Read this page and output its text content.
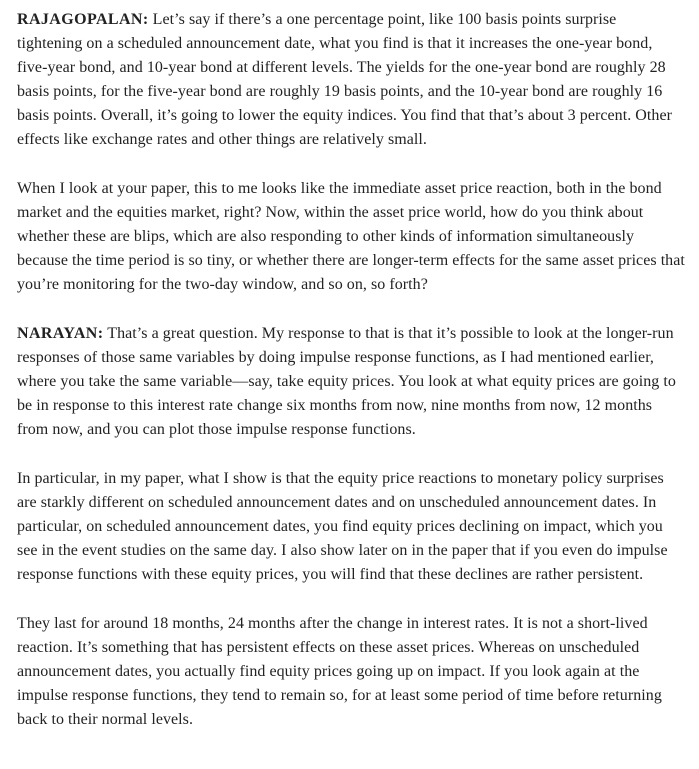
RAJAGOPALAN: Let’s say if there’s a one percentage point, like 100 basis points surprise tightening on a scheduled announcement date, what you find is that it increases the one-year bond, five-year bond, and 10-year bond at different levels. The yields for the one-year bond are roughly 28 basis points, for the five-year bond are roughly 19 basis points, and the 10-year bond are roughly 16 basis points. Overall, it’s going to lower the equity indices. You find that that’s about 3 percent. Other effects like exchange rates and other things are relatively small.

When I look at your paper, this to me looks like the immediate asset price reaction, both in the bond market and the equities market, right? Now, within the asset price world, how do you think about whether these are blips, which are also responding to other kinds of information simultaneously because the time period is so tiny, or whether there are longer-term effects for the same asset prices that you’re monitoring for the two-day window, and so on, so forth?

NARAYAN: That’s a great question. My response to that is that it’s possible to look at the longer-run responses of those same variables by doing impulse response functions, as I had mentioned earlier, where you take the same variable—say, take equity prices. You look at what equity prices are going to be in response to this interest rate change six months from now, nine months from now, 12 months from now, and you can plot those impulse response functions.

In particular, in my paper, what I show is that the equity price reactions to monetary policy surprises are starkly different on scheduled announcement dates and on unscheduled announcement dates. In particular, on scheduled announcement dates, you find equity prices declining on impact, which you see in the event studies on the same day. I also show later on in the paper that if you even do impulse response functions with these equity prices, you will find that these declines are rather persistent.

They last for around 18 months, 24 months after the change in interest rates. It is not a short-lived reaction. It’s something that has persistent effects on these asset prices. Whereas on unscheduled announcement dates, you actually find equity prices going up on impact. If you look again at the impulse response functions, they tend to remain so, for at least some period of time before returning back to their normal levels.
